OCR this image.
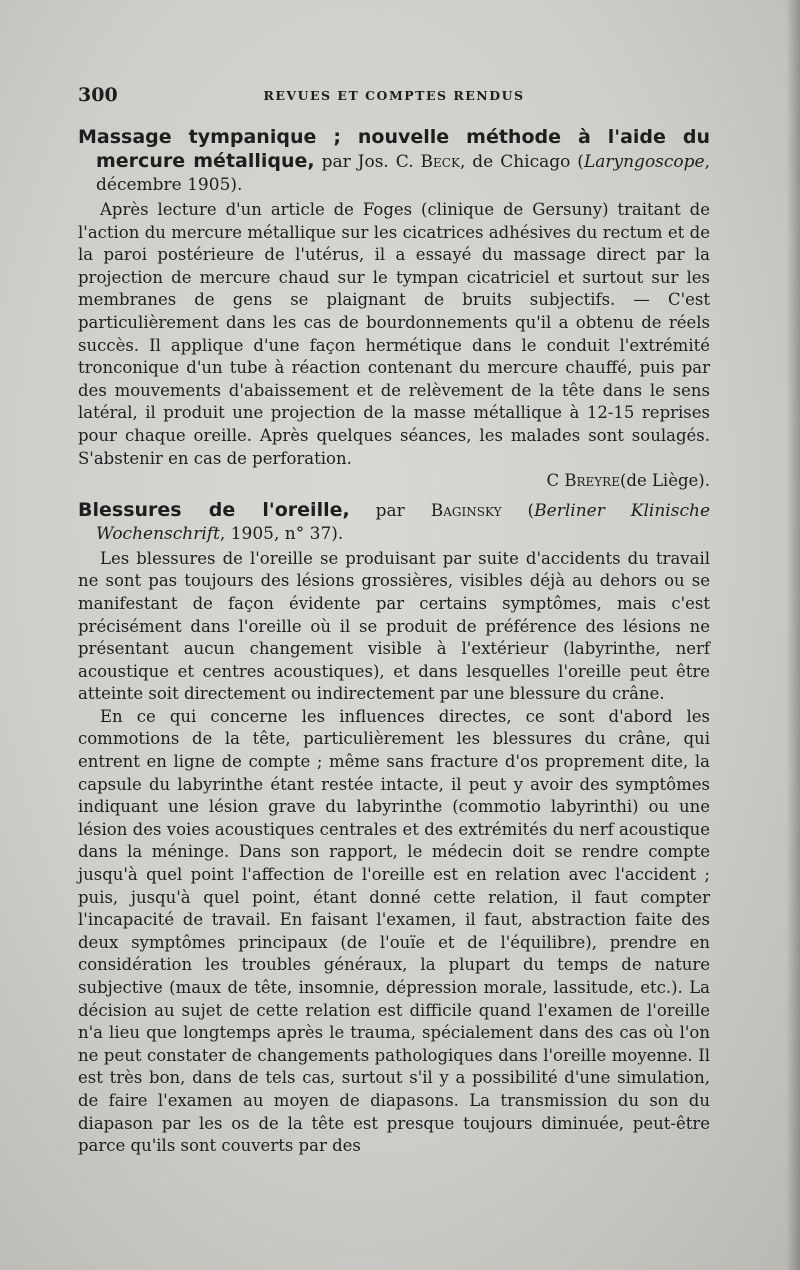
300	REVUES ET COMPTES RENDUS
Massage tympanique ; nouvelle méthode à l'aide du mercure métallique, par Jos. C. Beck, de Chicago (Laryngoscope, décembre 1905).

Après lecture d'un article de Foges (clinique de Gersuny) traitant de l'action du mercure métallique sur les cicatrices adhésives du rectum et de la paroi postérieure de l'utérus, il a essayé du massage direct par la projection de mercure chaud sur le tympan cicatriciel et surtout sur les membranes de gens se plaignant de bruits subjectifs. — C'est particulièrement dans les cas de bourdonnements qu'il a obtenu de réels succès. Il applique d'une façon hermétique dans le conduit l'extrémité tronconique d'un tube à réaction contenant du mercure chauffé, puis par des mouvements d'abaissement et de relèvement de la tête dans le sens latéral, il produit une projection de la masse métallique à 12-15 reprises pour chaque oreille. Après quelques séances, les malades sont soulagés. S'abstenir en cas de perforation.

C Breyre(de Liège).

Blessures de l'oreille, par Baginsky (Berliner Klinische Wochenschrift, 1905, n° 37).

Les blessures de l'oreille se produisant par suite d'accidents du travail ne sont pas toujours des lésions grossières, visibles déjà au dehors ou se manifestant de façon évidente par certains symptômes, mais c'est précisément dans l'oreille où il se produit de préférence des lésions ne présentant aucun changement visible à l'extérieur (labyrinthe, nerf acoustique et centres acoustiques), et dans lesquelles l'oreille peut être atteinte soit directement ou indirectement par une blessure du crâne.

En ce qui concerne les influences directes, ce sont d'abord les commotions de la tête, particulièrement les blessures du crâne, qui entrent en ligne de compte ; même sans fracture d'os proprement dite, la capsule du labyrinthe étant restée intacte, il peut y avoir des symptômes indiquant une lésion grave du labyrinthe (commotio labyrinthi) ou une lésion des voies acoustiques centrales et des extrémités du nerf acoustique dans la méninge. Dans son rapport, le médecin doit se rendre compte jusqu'à quel point l'affection de l'oreille est en relation avec l'accident ; puis, jusqu'à quel point, étant donné cette relation, il faut compter l'incapacité de travail. En faisant l'examen, il faut, abstraction faite des deux symptômes principaux (de l'ouïe et de l'équilibre), prendre en considération les troubles généraux, la plupart du temps de nature subjective (maux de tête, insomnie, dépression morale, lassitude, etc.). La décision au sujet de cette relation est difficile quand l'examen de l'oreille n'a lieu que longtemps après le trauma, spécialement dans des cas où l'on ne peut constater de changements pathologiques dans l'oreille moyenne. Il est très bon, dans de tels cas, surtout s'il y a possibilité d'une simulation, de faire l'examen au moyen de diapasons. La transmission du son du diapason par les os de la tête est presque toujours diminuée, peut-être parce qu'ils sont couverts par des
